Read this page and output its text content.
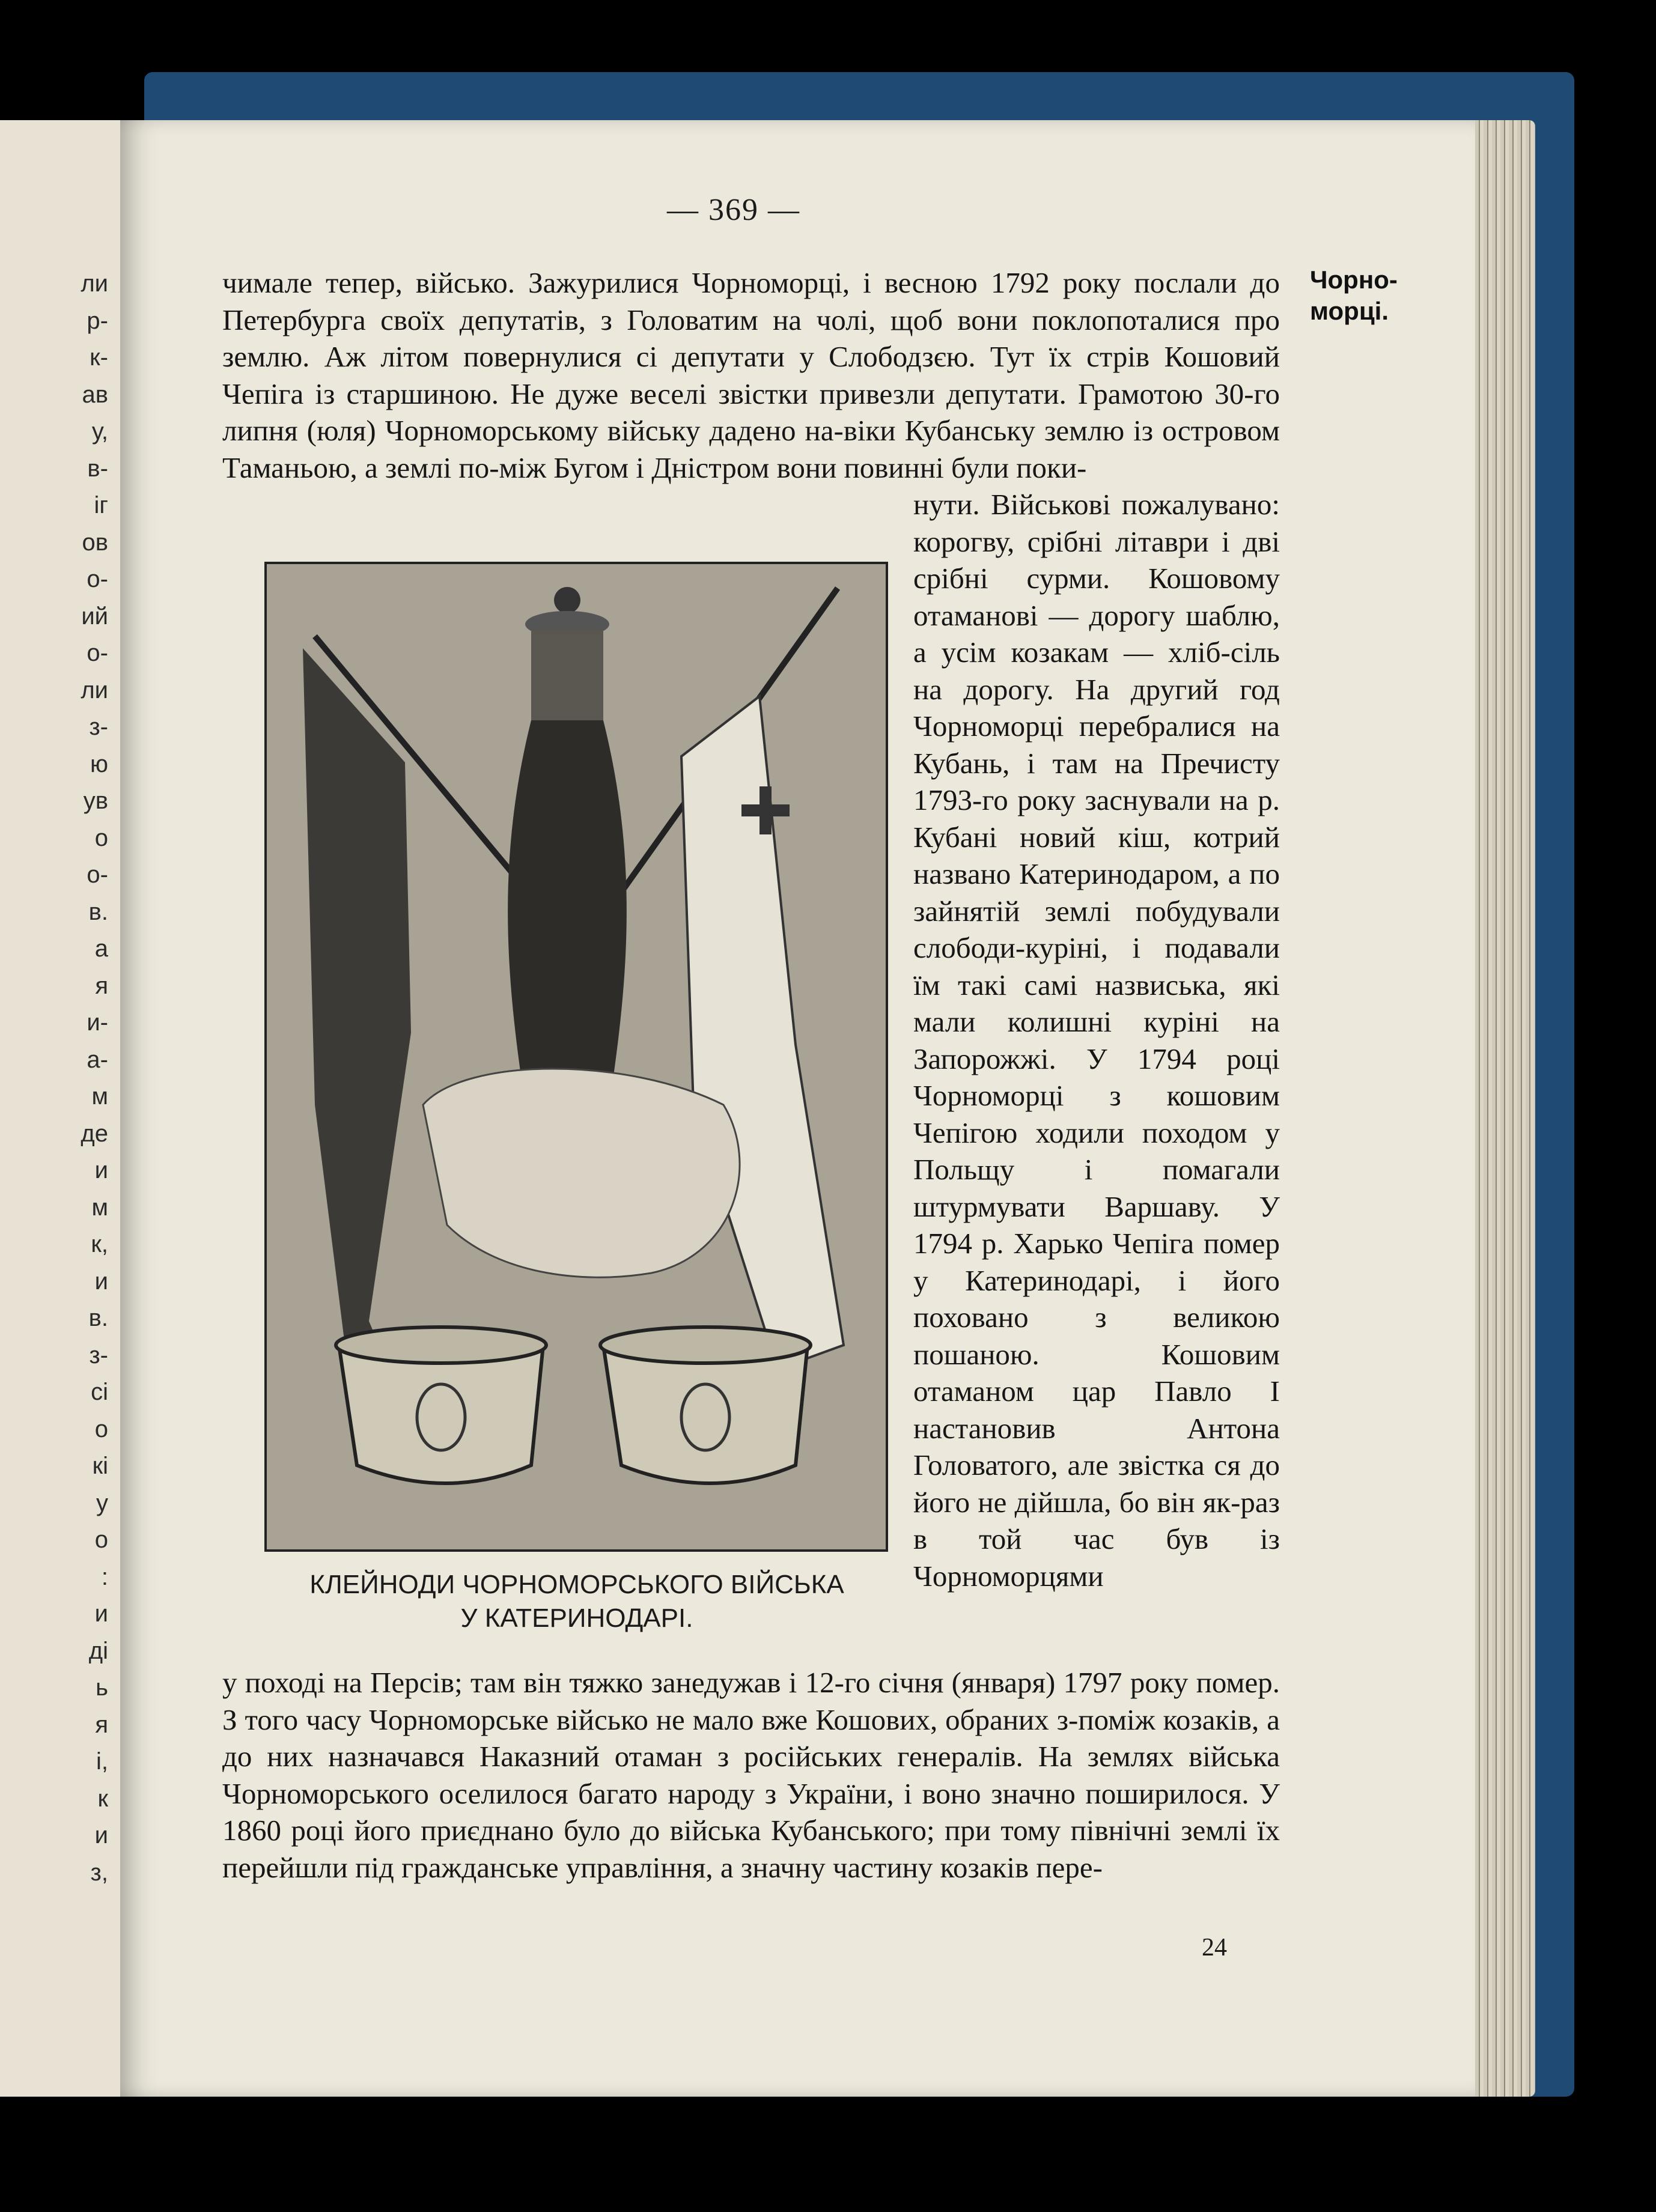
ли
р-
к-
ав
у,
в-
іг
ов
о-
ий
о-
ли
з-
ю
ув
о
о-
в.
а
я
и-
а-
м
де
и
м
к,
и
в.
з-
сі
о
кі
у
о
:
и
ді
ь
я
і,
к
и
з,
— 369 —
Чорно-морці.
чимале тепер, військо. Зажурилися Чорноморці, і весною 1792 року послали до Петербурга своїх депутатів, з Головатим на чолі, щоб вони поклопоталися про землю. Аж літом повернулися сі депутати у Слободзєю. Тут їх стрів Кошовий Чепіга із старшиною. Не дуже веселі звістки привезли депутати. Грамотою 30-го липня (юля) Чорноморському війську дадено на-віки Кубанську землю із островом Таманьою, а землі по-між Бугом і Дністром вони повинні були поки-
нути. Військові пожалувано: корогву, срібні літаври і дві срібні сурми. Кошовому отаманові — дорогу шаблю, а усім козакам — хліб-сіль на дорогу. На другий год Чорноморці перебралися на Кубань, і там на Пречисту 1793-го року заснували на р. Кубані новий кіш, котрий названо Катеринодаром, а по зайнятій землі побудували слободи-куріні, і подавали їм такі самі назвиська, які мали колишні куріні на Запорожжі. У 1794 році Чорноморці з кошовим Чепігою ходили походом у Польщу і помагали штурмувати Варшаву. У 1794 р. Харько Чепіга помер у Катеринодарі, і його поховано з великою пошаною. Кошовим отаманом цар Павло І настановив Антона Головатого, але звістка ся до його не дійшла, бо він як-раз в той час був із Чорноморцями
КЛЕЙНОДИ ЧОРНОМОРСЬКОГО ВІЙСЬКА
У КАТЕРИНОДАРІ.
у поході на Персів; там він тяжко занедужав і 12-го січня (января) 1797 року помер. З того часу Чорноморське військо не мало вже Кошових, обраних з-поміж козаків, а до них назначався Наказний отаман з російських генералів. На землях війська Чорноморського оселилося багато народу з України, і воно значно поширилося. У 1860 році його приєднано було до війська Кубанського; при тому північні землі їх перейшли під гражданське управління, а значну частину козаків пере-
24
